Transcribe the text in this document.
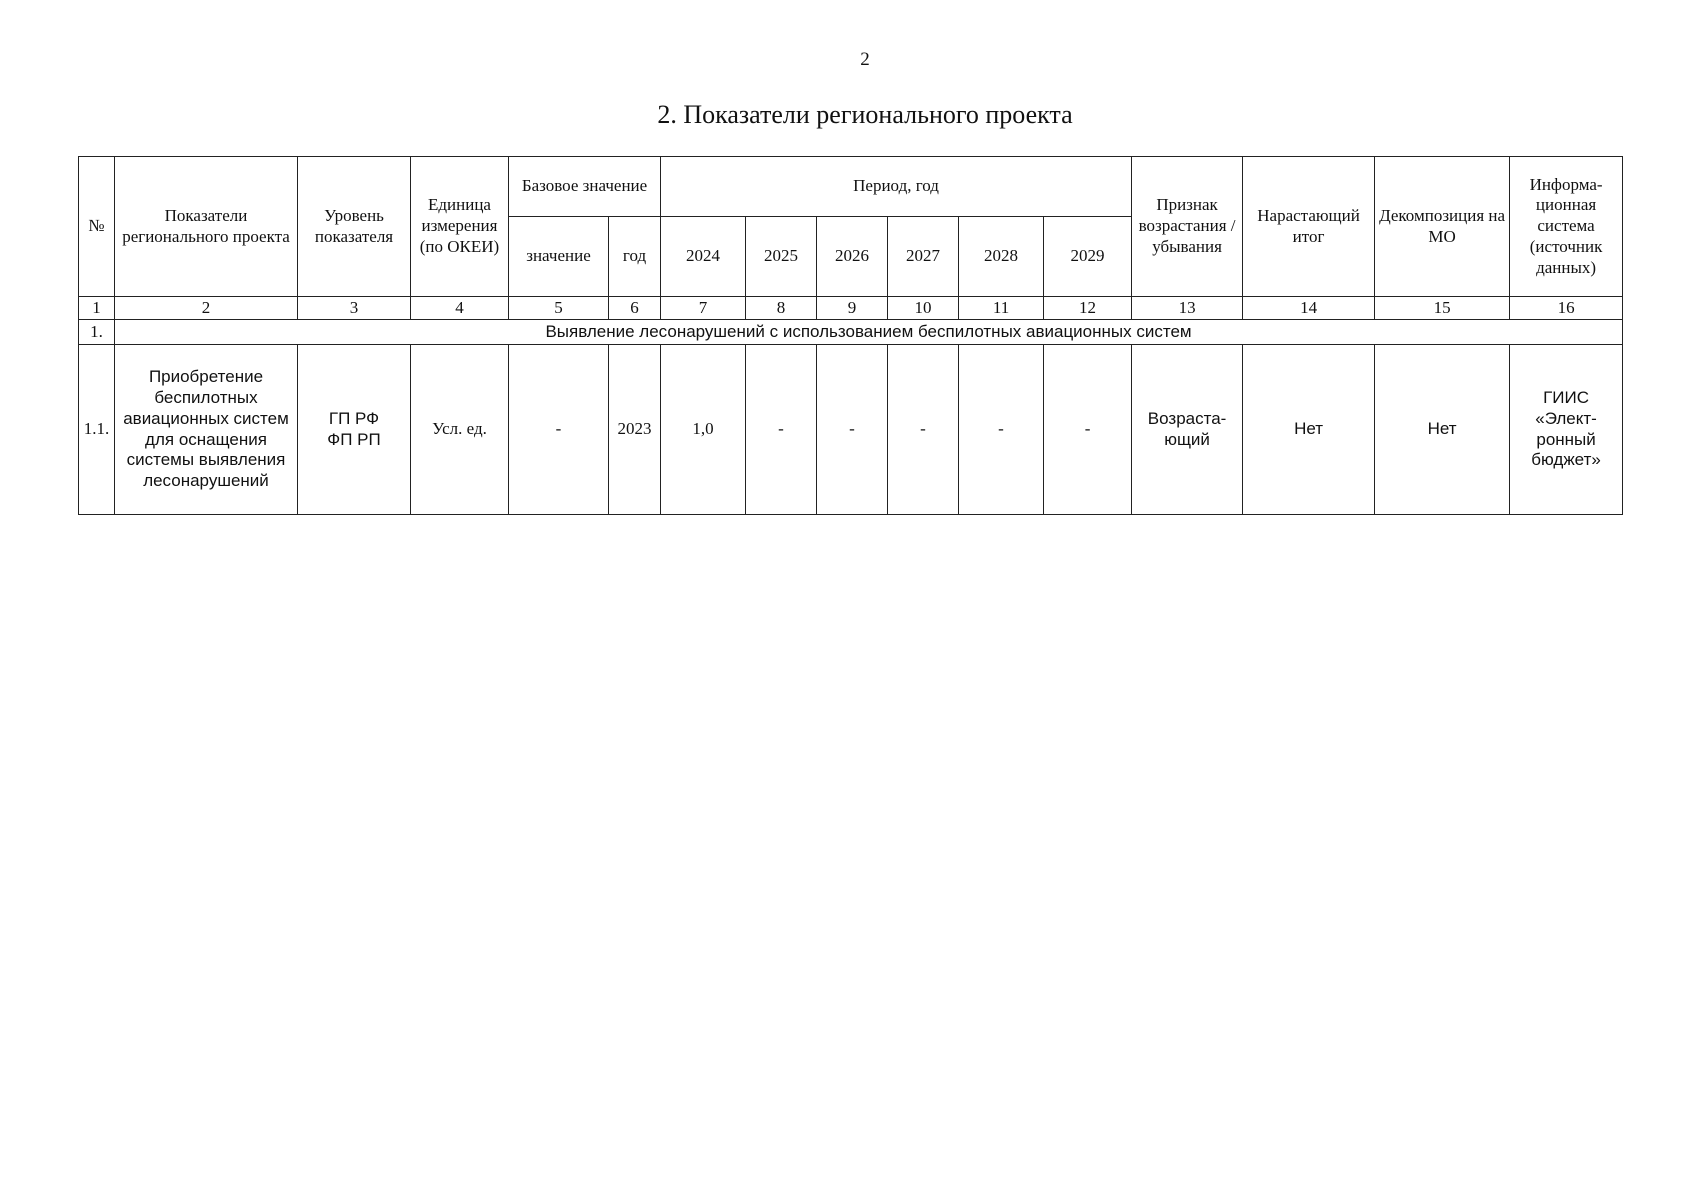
2
2. Показатели регионального проекта
№	Показатели регионального проекта	Уровень показателя	Единица измерения (по ОКЕИ)	Базовое значение		Период, год						Признак возрастания /убывания	Нарастающий итог	Декомпозиция на МО	Информа-ционная система (источник данных)
				значение	год	2024	2025	2026	2027	2028	2029				
1	2	3	4	5	6	7	8	9	10	11	12	13	14	15	16
1.	Выявление лесонарушений с использованием беспилотных авиационных систем														
1.1.	Приобретение беспилотных авиационных систем для оснащения системы выявления лесонарушений	ГП РФ ФП РП	Усл. ед.	-	2023	1,0	-	-	-	-	-	Возраста-ющий	Нет	Нет	ГИИС «Элект-ронный бюджет»
